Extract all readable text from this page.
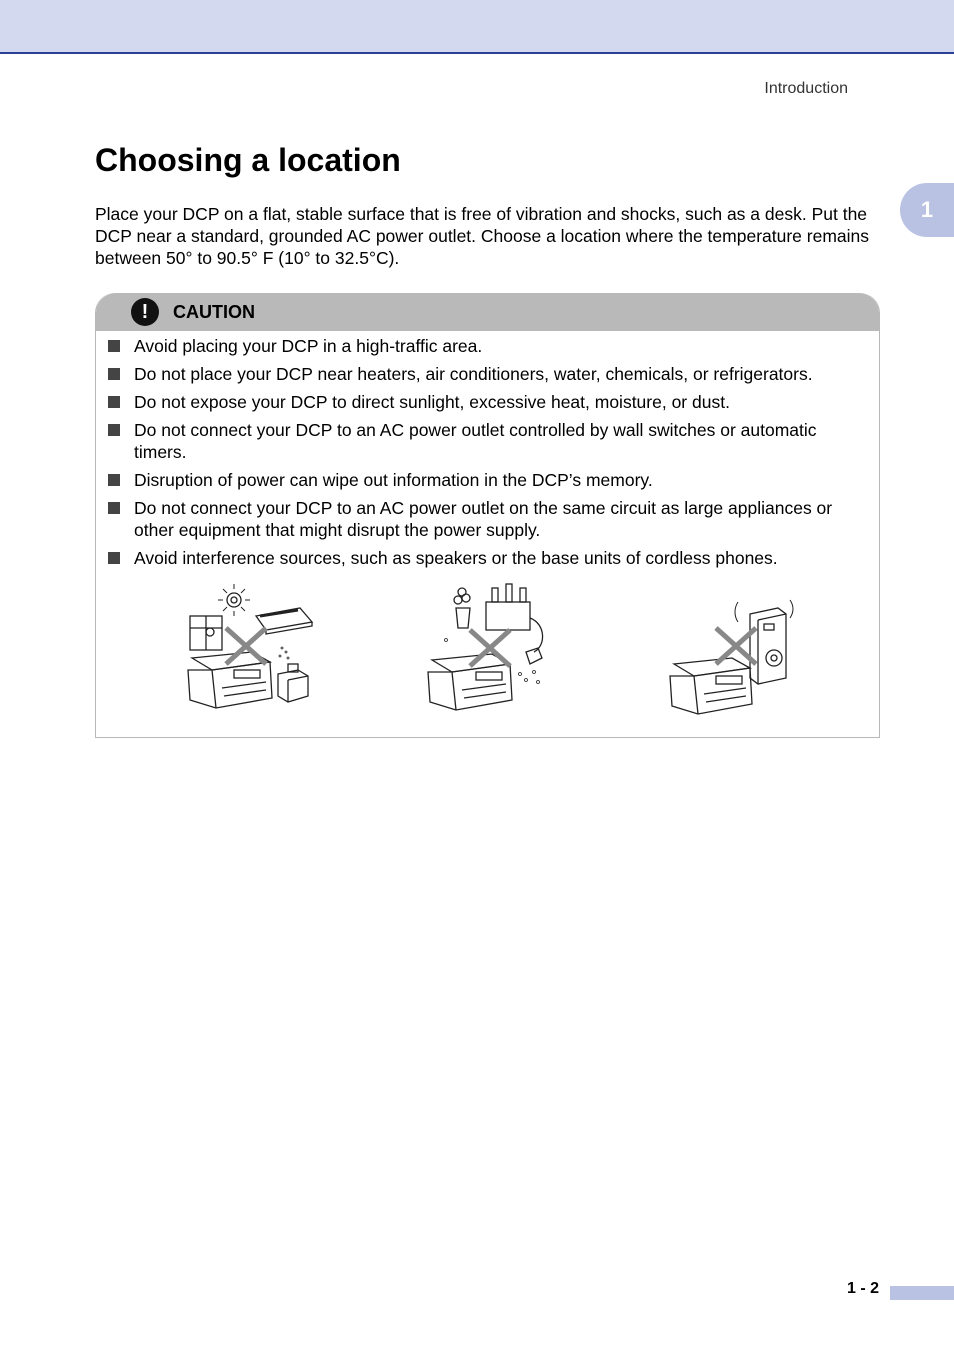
Introduction
1
Choosing a location

Place your DCP on a flat, stable surface that is free of vibration and shocks, such as a desk. Put the DCP near a standard, grounded AC power outlet. Choose a location where the temperature remains between 50° to 90.5° F (10° to 32.5°C).

!	CAUTION
Avoid placing your DCP in a high-traffic area.
Do not place your DCP near heaters, air conditioners, water, chemicals, or refrigerators.
Do not expose your DCP to direct sunlight, excessive heat, moisture, or dust.
Do not connect your DCP to an AC power outlet controlled by wall switches or automatic timers.
Disruption of power can wipe out information in the DCP’s memory.
Do not connect your DCP to an AC power outlet on the same circuit as large appliances or other equipment that might disrupt the power supply.
Avoid interference sources, such as speakers or the base units of cordless phones.
1 - 2
